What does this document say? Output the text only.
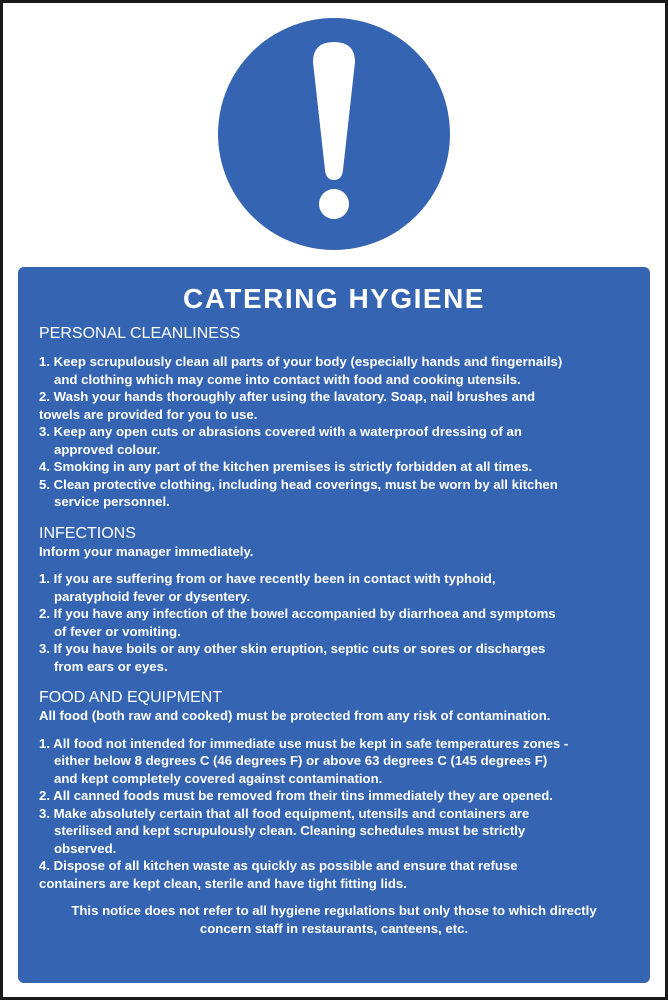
CATERING HYGIENE
PERSONAL CLEANLINESS

1. Keep scrupulously clean all parts of your body (especially hands and fingernails)
and clothing which may come into contact with food and cooking utensils.

2. Wash your hands thoroughly after using the lavatory. Soap, nail brushes and
towels are provided for you to use.

3. Keep any open cuts or abrasions covered with a waterproof dressing of an
approved colour.

4. Smoking in any part of the kitchen premises is strictly forbidden at all times.

5. Clean protective clothing, including head coverings, must be worn by all kitchen
service personnel.

INFECTIONS

Inform your manager immediately.

1. If you are suffering from or have recently been in contact with typhoid,
paratyphoid fever or dysentery.

2. If you have any infection of the bowel accompanied by diarrhoea and symptoms
of fever or vomiting.

3. If you have boils or any other skin eruption, septic cuts or sores or discharges
from ears or eyes.

FOOD AND EQUIPMENT

All food (both raw and cooked) must be protected from any risk of contamination.

1. All food not intended for immediate use must be kept in safe temperatures zones -
either below 8 degrees C (46 degrees F) or above 63 degrees C (145 degrees F)
and kept completely covered against contamination.

2. All canned foods must be removed from their tins immediately they are opened.

3. Make absolutely certain that all food equipment, utensils and containers are
sterilised and kept scrupulously clean. Cleaning schedules must be strictly
observed.

4. Dispose of all kitchen waste as quickly as possible and ensure that refuse
containers are kept clean, sterile and have tight fitting lids.

This notice does not refer to all hygiene regulations but only those to which directly
concern staff in restaurants, canteens, etc.
